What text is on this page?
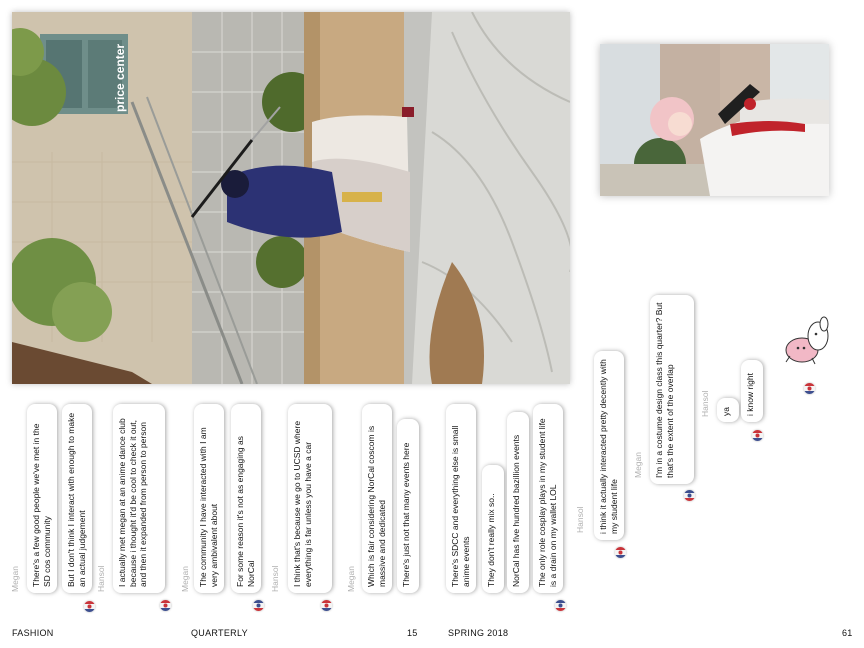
price center
There's a few good people we've met in the SD cos community
Megan	But I don't think I interact with enough to make an actual judgement	Hansol	I actually met megan at an anime dance club because i thought it'd be cool to check it out, and then it expanded from person to person	Megan The community I have interacted with I am very ambivalent about	For some reason it's not as engaging as NorCal	Hansol	I think that's because we go to UCSD where everything is far unless you have a car	Megan	Which is fair considering NorCal coscom is massive and dedicated	There's just not that many events here	There's SDCC and everything else is small anime events	They don't really mix so..	NorCal has five hundred bazillion events	The only role cosplay plays in my student life is a drain on my wallet LOL	Hansol	i think it actually interacted pretty decently with my student life
Megan	I'm in a costume design class this quarter? But that's the extent of the overlap	Hansol	ya	i know right
FASHION	QUARTERLY	15	SPRING 2018	61
